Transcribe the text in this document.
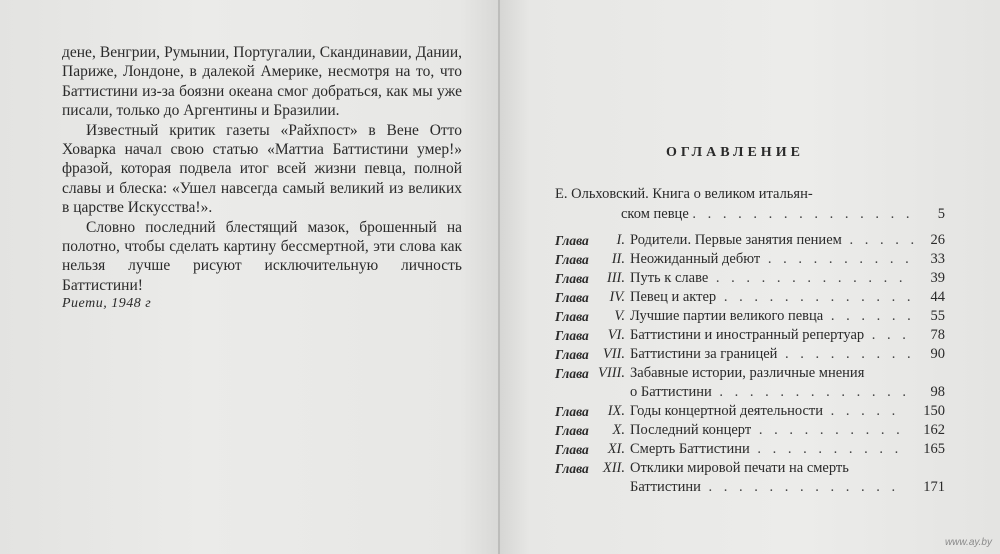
дене, Венгрии, Румынии, Португалии, Скандинавии, Дании, Париже, Лондоне, в далекой Америке, несмотря на то, что Баттистини из-за боязни океана смог добраться, как мы уже писали, только до Аргентины и Бразилии.

Известный критик газеты «Райхпост» в Вене Отто Ховарка начал свою статью «Маттиа Баттистини умер!» фразой, которая подвела итог всей жизни певца, полной славы и блеска: «Ушел навсегда самый великий из великих в царстве Искусства!».

Словно последний блестящий мазок, брошенный на полотно, чтобы сделать картину бессмертной, эти слова как нельзя лучше рисуют исключительную личность Баттистини!

Риети, 1948 г
ОГЛАВЛЕНИЕ
Е. Ольховский. Книга о великом итальян-
ском певце . . . . . . . . . . . . . . . 5
Глава	I. Родители. Первые занятия пением . . . . . 26
Глава	II. Неожиданный дебют . . . . . . . . . . 33
Глава	III. Путь к славе . . . . . . . . . . . . . 39
Глава	IV. Певец и актер . . . . . . . . . . . . . 44
Глава	V. Лучшие партии великого певца . . . . . . 55
Глава	VI. Баттистини и иностранный репертуар . . . 78
Глава VII. Баттистини за границей . . . . . . . . . 90
Глава VIII. Забавные истории, различные мнения
о Баттистини . . . . . . . . . . . . . 98
Глава	IX. Годы концертной деятельности . . . . . 150
Глава	X. Последний концерт . . . . . . . . . . 162
Глава	XI. Смерть Баттистини . . . . . . . . . . 165
Глава XII. Отклики мировой печати на смерть
Баттистини . . . . . . . . . . . . . 171
www.ay.by
